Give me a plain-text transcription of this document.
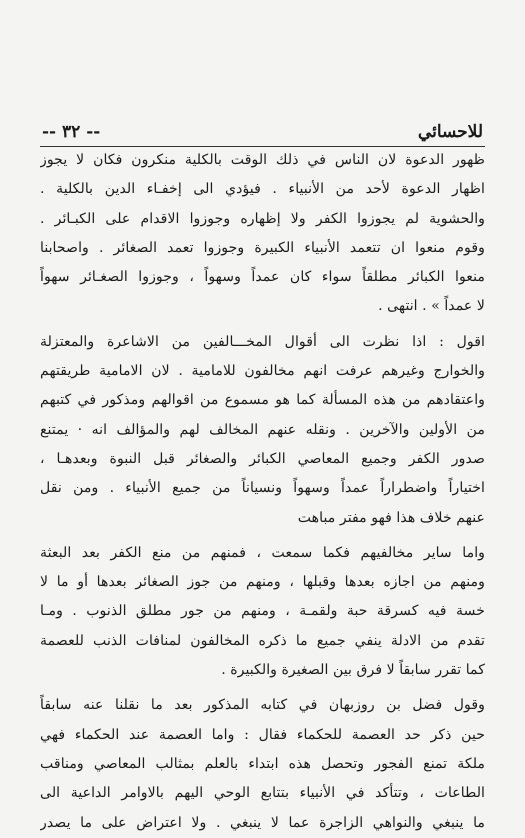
-- ٣٢ --	للاحسائي
ظهور الدعوة لان الناس في ذلك الوقت بالكلية منكرون فكان لا يجوز
اظهار الدعوة لأحد من الأنبياء . فيؤدي الى إخفـاء الدين بالكلية .
والحشوية لم يجوزوا الكفر ولا إظهاره وجوزوا الاقدام على الكبـائر .
وقوم منعوا ان تتعمد الأنبياء الكبيرة وجوزوا تعمد الصغائر . واصحابنا
منعوا الكبائر مطلقاً سواء كان عمداً وسهواً ، وجوزوا الصغـائر سهواً
لا عمداً » . انتهى .
اقول : اذا نظرت الى أقوال المخـــالفين من الاشاعرة والمعتزلة
والخوارج وغيرهم عرفت انهم مخالفون للامامية . لان الامامية طريقتهم
واعتقادهم من هذه المسألة كما هو مسموع من اقوالهم ومذكور في كتبهم
من الأولين والآخرين . ونقله عنهم المخالف لهم والمؤالف انه · يمتنع
صدور الكفر وجميع المعاصي الكبائر والصغائر قبل النبوة وبعدهـا ،
اختياراً واضطراراً عمداً وسهواً ونسياناً من جميع الأنبياء . ومن نقل
عنهم خلاف هذا فهو مفتر مباهت
واما ساير مخالفيهم فكما سمعت ، فمنهم من منع الكفر بعد البعثة
ومنهم من اجازه بعدها وقبلها ، ومنهم من جوز الصغائر بعدها أو ما لا
خسة فيه كسرقة حبة ولقمـة ، ومنهم من جور مطلق الذنوب . ومـا
تقدم من الادلة ينفي جميع ما ذكره المخالفون لمنافات الذنب للعصمة
كما تقرر سابقاً لا فرق بين الصغيرة والكبيرة .
وقول فضل بن روزبهان في كتابه المذكور بعد ما نقلنا عنه سابقاً
حين ذكر حد العصمة للحكماء فقال : واما العصمة عند الحكماء فهي
ملكة تمنع الفجور وتحصل هذه ابتداء بالعلم بمثالب المعاصي ومناقب
الطاعات ، وتتأكد في الأنبياء بتتابع الوحي اليهم بالاوامر الداعية الى
ما ينبغي والنواهي الزاجرة عما لا ينبغي . ولا اعتراض على ما يصدر
